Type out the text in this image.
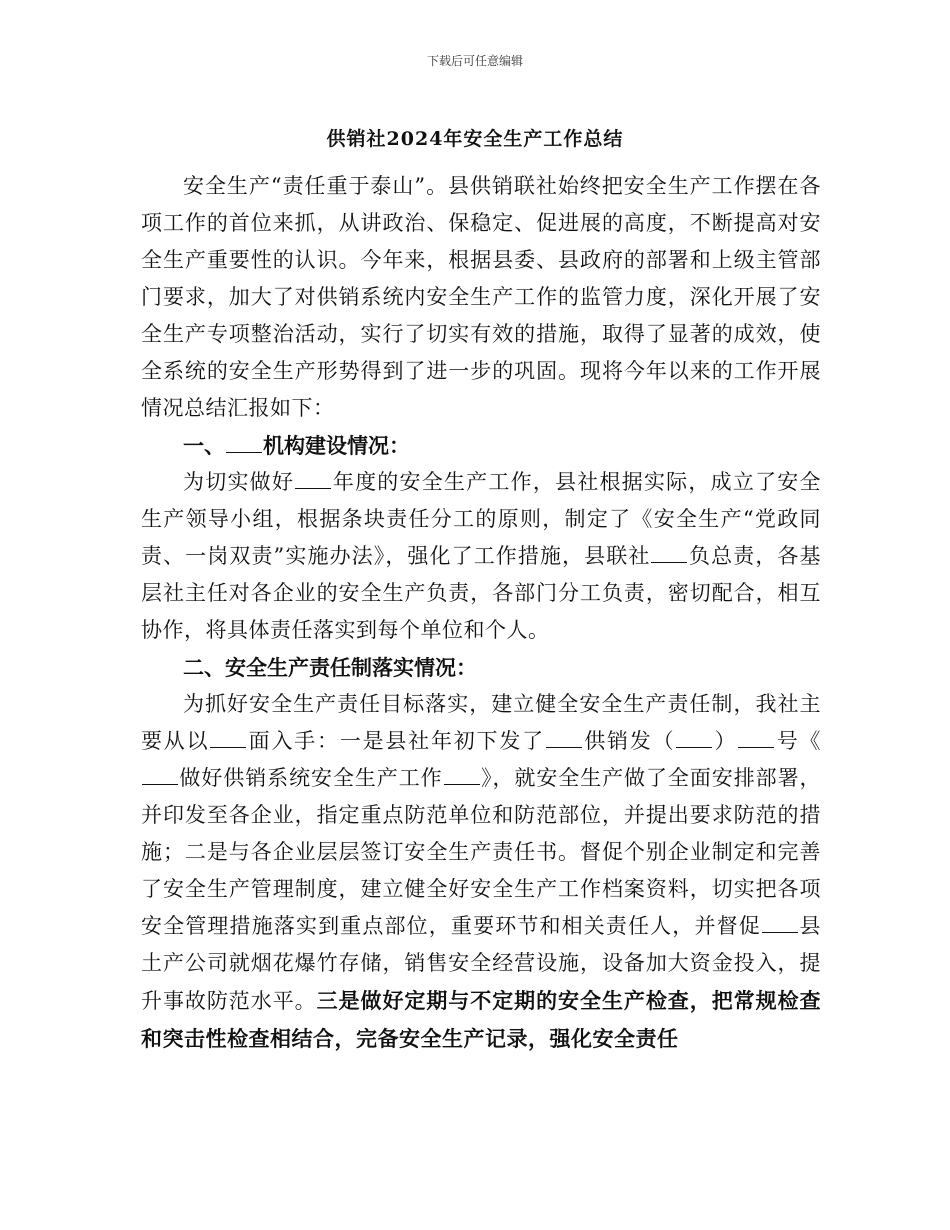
下载后可任意编辑
供销社2024年安全生产工作总结

安全生产“责任重于泰山”。县供销联社始终把安全生产工作摆在各项工作的首位来抓，从讲政治、保稳定、促进展的高度，不断提高对安全生产重要性的认识。今年来，根据县委、县政府的部署和上级主管部门要求，加大了对供销系统内安全生产工作的监管力度，深化开展了安全生产专项整治活动，实行了切实有效的措施，取得了显著的成效，使全系统的安全生产形势得到了进一步的巩固。现将今年以来的工作开展情况总结汇报如下：

一、 机构建设情况：

为切实做好 年度的安全生产工作，县社根据实际，成立了安全生产领导小组，根据条块责任分工的原则，制定了《安全生产“党政同责、一岗双责”实施办法》，强化了工作措施，县联社 负总责，各基层社主任对各企业的安全生产负责，各部门分工负责，密切配合，相互协作，将具体责任落实到每个单位和个人。

二、安全生产责任制落实情况：

为抓好安全生产责任目标落实，建立健全安全生产责任制，我社主要从以 面入手：一是县社年初下发了 供销发（ ） 号《做好供销系统安全生产工作 》，就安全生产做了全面安排部署，并印发至各企业，指定重点防范单位和防范部位，并提出要求防范的措施；二是与各企业层层签订安全生产责任书。督促个别企业制定和完善了安全生产管理制度，建立健全好安全生产工作档案资料，切实把各项安全管理措施落实到重点部位，重要环节和相关责任人，并督促 县土产公司就烟花爆竹存储，销售安全经营设施，设备加大资金投入，提升事故防范水平。三是做好定期与不定期的安全生产检查，把常规检查和突击性检查相结合，完备安全生产记录，强化安全责任
